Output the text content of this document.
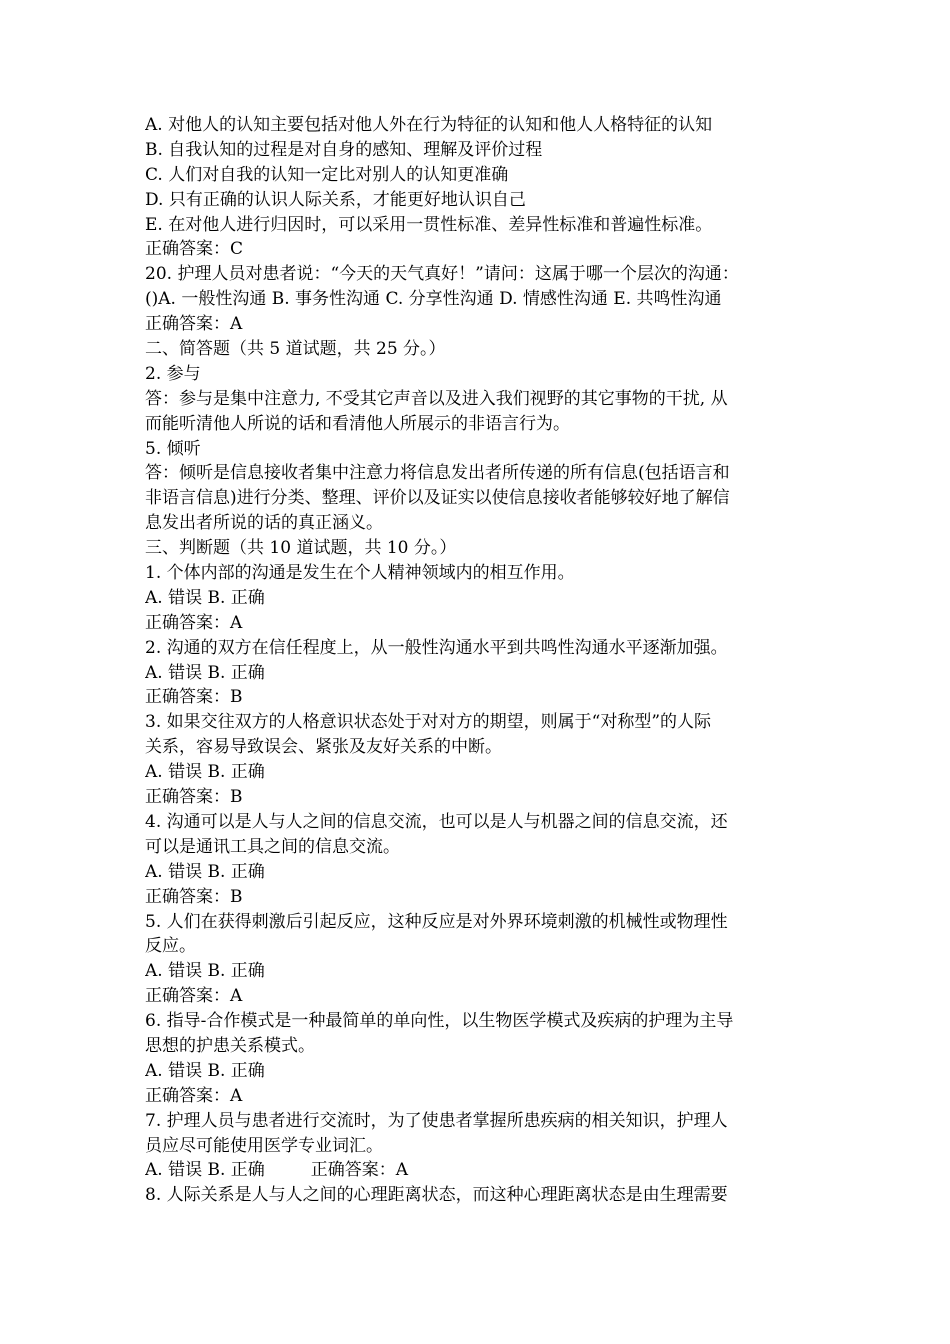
A. 对他人的认知主要包括对他人外在行为特征的认知和他人人格特征的认知
B. 自我认知的过程是对自身的感知、理解及评价过程
C. 人们对自我的认知一定比对别人的认知更准确
D. 只有正确的认识人际关系，才能更好地认识自己
E. 在对他人进行归因时，可以采用一贯性标准、差异性标准和普遍性标准。
正确答案：C
20. 护理人员对患者说：“今天的天气真好！”请问：这属于哪一个层次的沟通：
()A. 一般性沟通 B. 事务性沟通 C. 分享性沟通 D. 情感性沟通 E. 共鸣性沟通
正确答案：A
二、简答题（共 5 道试题，共 25 分。）
2. 参与
答：参与是集中注意力, 不受其它声音以及进入我们视野的其它事物的干扰, 从
而能听清他人所说的话和看清他人所展示的非语言行为。
5. 倾听
答：倾听是信息接收者集中注意力将信息发出者所传递的所有信息(包括语言和
非语言信息)进行分类、整理、评价以及证实以使信息接收者能够较好地了解信
息发出者所说的话的真正涵义。
三、判断题（共 10 道试题，共 10 分。）
1. 个体内部的沟通是发生在个人精神领域内的相互作用。
A. 错误 B. 正确
正确答案：A
2. 沟通的双方在信任程度上，从一般性沟通水平到共鸣性沟通水平逐渐加强。
A. 错误 B. 正确
正确答案：B
3. 如果交往双方的人格意识状态处于对对方的期望，则属于“对称型”的人际
关系，容易导致误会、紧张及友好关系的中断。
A. 错误 B. 正确
正确答案：B
4. 沟通可以是人与人之间的信息交流，也可以是人与机器之间的信息交流，还
可以是通讯工具之间的信息交流。
A. 错误 B. 正确
正确答案：B
5. 人们在获得刺激后引起反应，这种反应是对外界环境刺激的机械性或物理性
反应。
A. 错误 B. 正确
正确答案：A
6. 指导-合作模式是一种最简单的单向性，以生物医学模式及疾病的护理为主导
思想的护患关系模式。
A. 错误 B. 正确
正确答案：A
7. 护理人员与患者进行交流时，为了使患者掌握所患疾病的相关知识，护理人
员应尽可能使用医学专业词汇。
A. 错误 B. 正确	正确答案：A
8. 人际关系是人与人之间的心理距离状态，而这种心理距离状态是由生理需要
